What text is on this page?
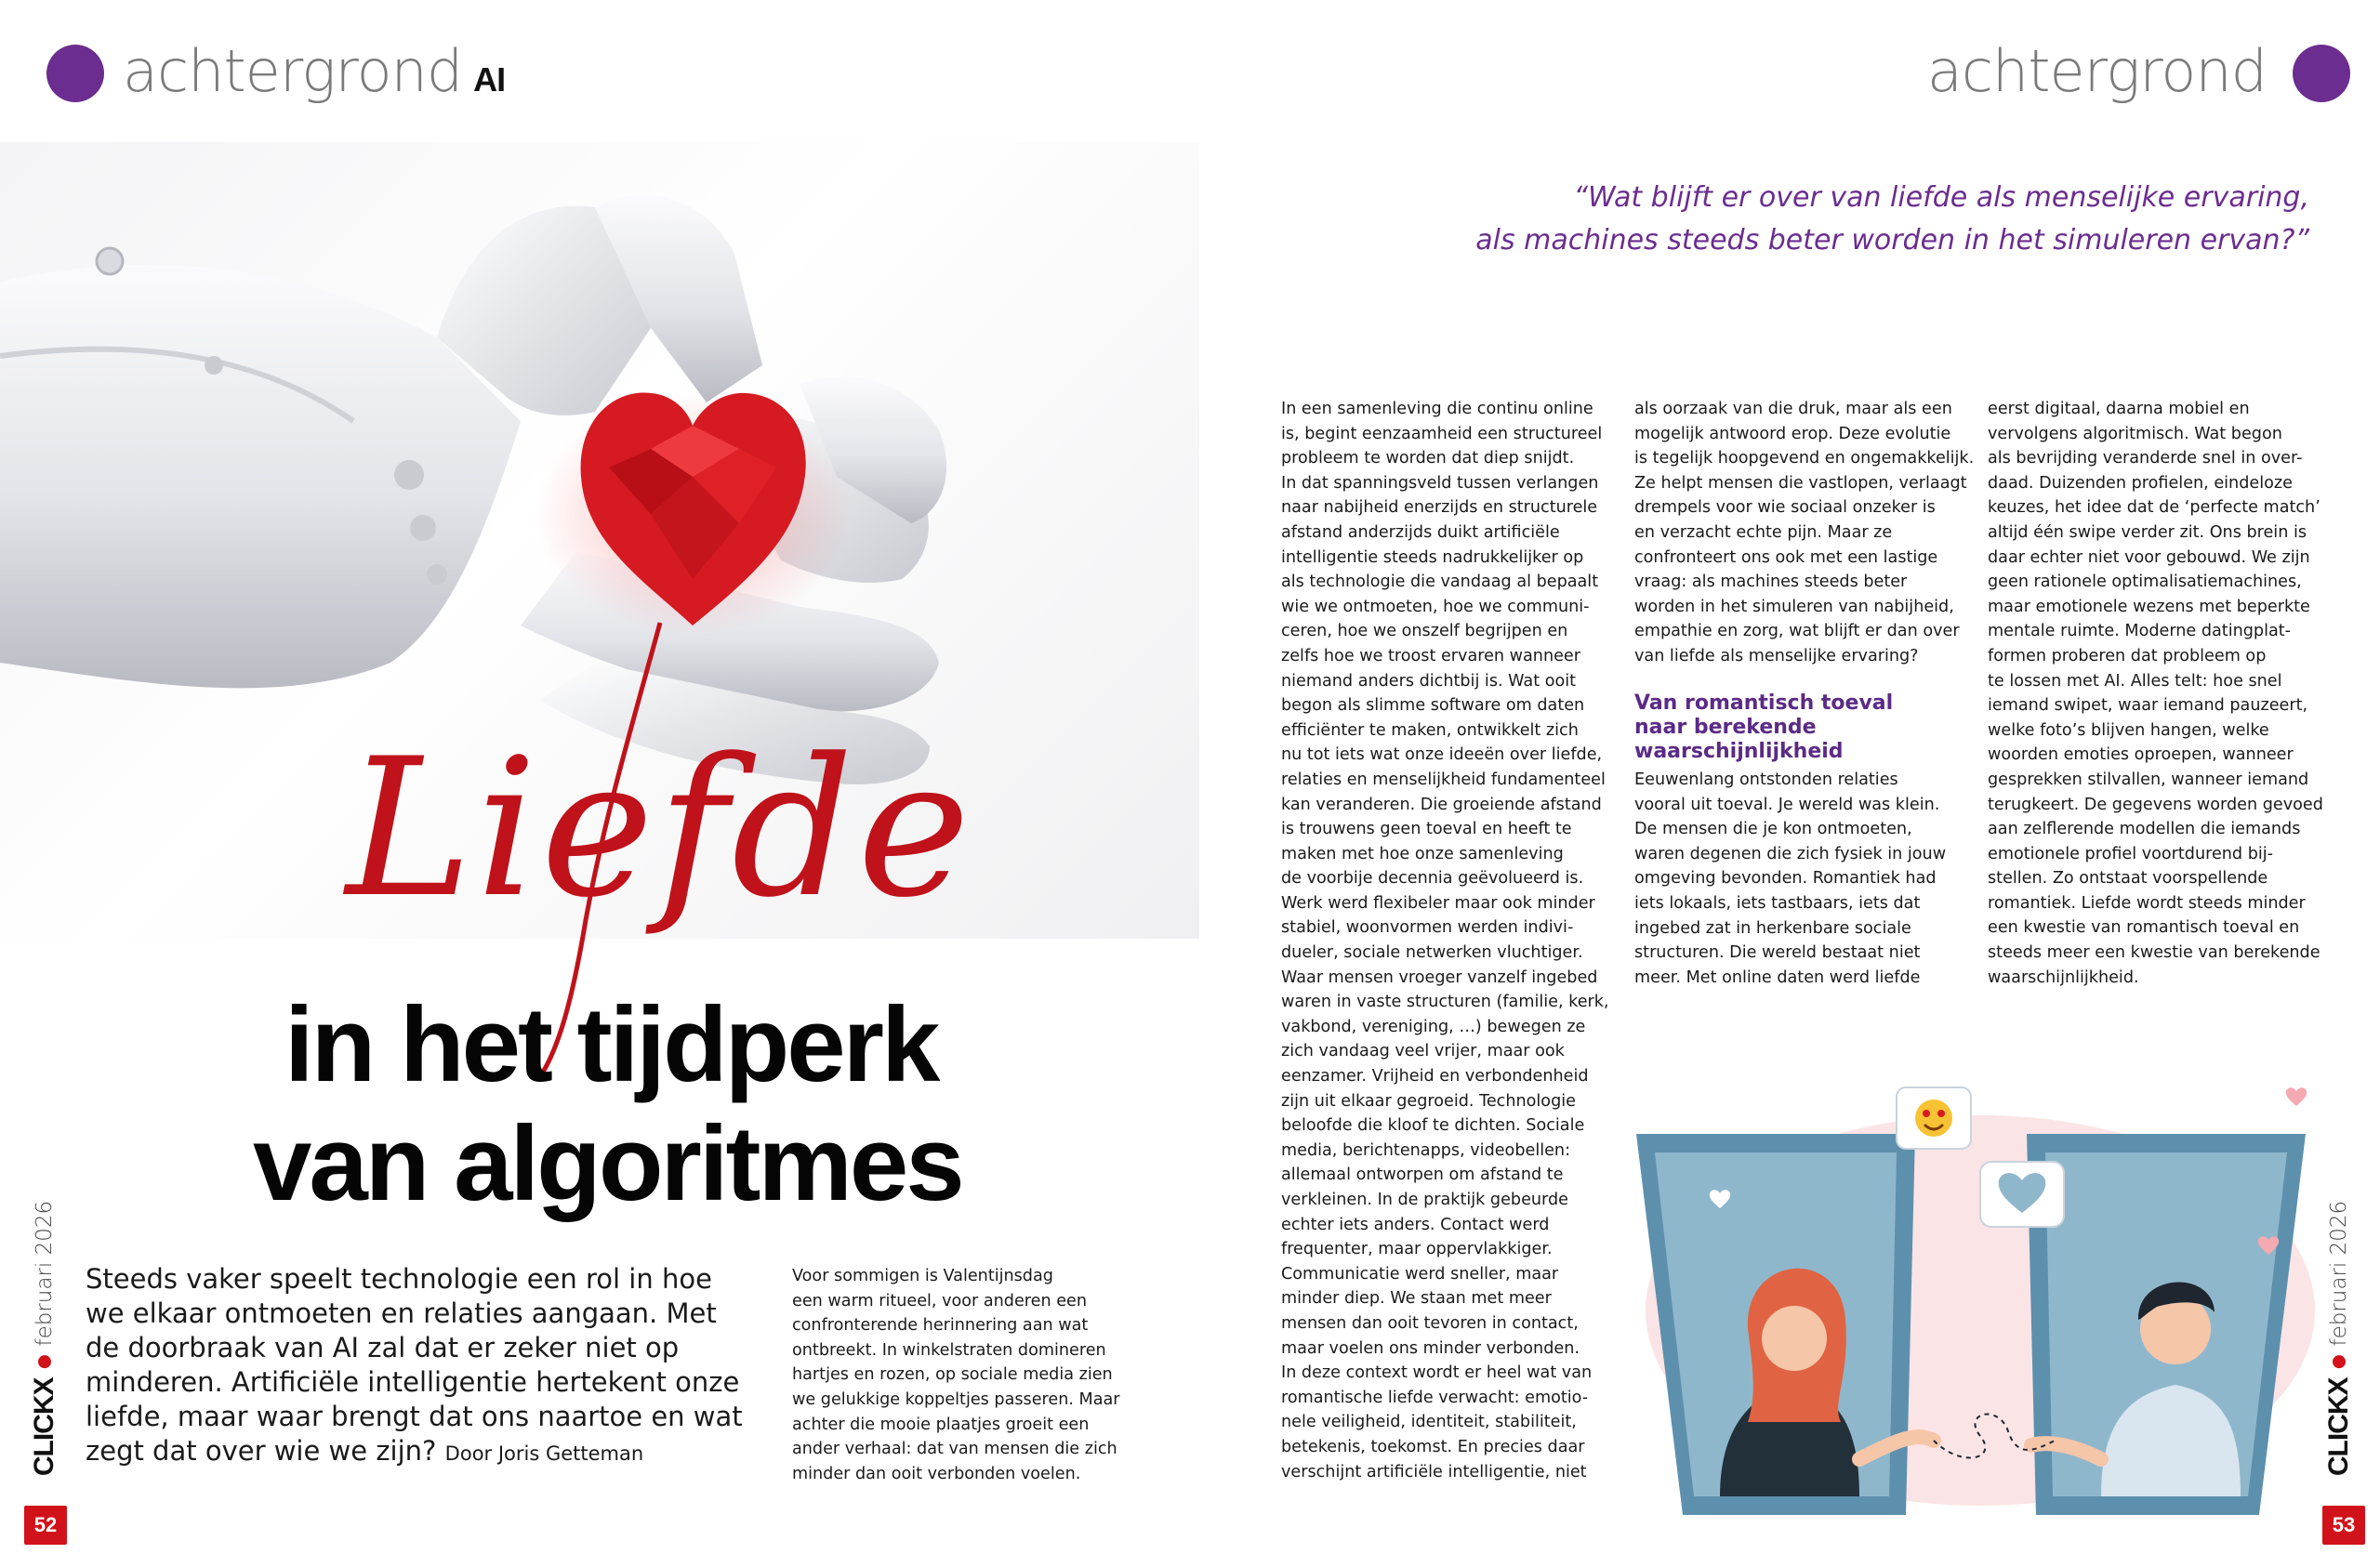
achtergrond AI
Liefde
in het tijdperk
van algoritmes
Steeds vaker speelt technologie een rol in hoe we elkaar ontmoeten en relaties aangaan. Met de doorbraak van AI zal dat er zeker niet op minderen. Artificiële intelligentie hertekent onze liefde, maar waar brengt dat ons naartoe en wat zegt dat over wie we zijn? Door Joris Getteman
Voor sommigen is Valentijnsdag
een warm ritueel, voor anderen een
confronterende herinnering aan wat
ontbreekt. In winkelstraten domineren
hartjes en rozen, op sociale media zien
we gelukkige koppeltjes passeren. Maar
achter die mooie plaatjes groeit een
ander verhaal: dat van mensen die zich
minder dan ooit verbonden voelen.
CLICKX
februari 2026
52
achtergrond
“Wat blijft er over van liefde als menselijke ervaring,
als machines steeds beter worden in het simuleren ervan?”
In een samenleving die continu online
is, begint eenzaamheid een structureel
probleem te worden dat diep snijdt.
In dat spanningsveld tussen verlangen
naar nabijheid enerzijds en structurele
afstand anderzijds duikt artificiële
intelligentie steeds nadrukkelijker op
als technologie die vandaag al bepaalt
wie we ontmoeten, hoe we communi-
ceren, hoe we onszelf begrijpen en
zelfs hoe we troost ervaren wanneer
niemand anders dichtbij is. Wat ooit
begon als slimme software om daten
efficiënter te maken, ontwikkelt zich
nu tot iets wat onze ideeën over liefde,
relaties en menselijkheid fundamenteel
kan veranderen. Die groeiende afstand
is trouwens geen toeval en heeft te
maken met hoe onze samenleving
de voorbije decennia geëvolueerd is.
Werk werd flexibeler maar ook minder
stabiel, woonvormen werden indivi-
dueler, sociale netwerken vluchtiger.
Waar mensen vroeger vanzelf ingebed
waren in vaste structuren (familie, kerk,
vakbond, vereniging, …) bewegen ze
zich vandaag veel vrijer, maar ook
eenzamer. Vrijheid en verbondenheid
zijn uit elkaar gegroeid. Technologie
beloofde die kloof te dichten. Sociale
media, berichtenapps, videobellen:
allemaal ontworpen om afstand te
verkleinen. In de praktijk gebeurde
echter iets anders. Contact werd
frequenter, maar oppervlakkiger.
Communicatie werd sneller, maar
minder diep. We staan met meer
mensen dan ooit tevoren in contact,
maar voelen ons minder verbonden.
In deze context wordt er heel wat van
romantische liefde verwacht: emotio-
nele veiligheid, identiteit, stabiliteit,
betekenis, toekomst. En precies daar
verschijnt artificiële intelligentie, niet
als oorzaak van die druk, maar als een
mogelijk antwoord erop. Deze evolutie
is tegelijk hoopgevend en ongemakkelijk.
Ze helpt mensen die vastlopen, verlaagt
drempels voor wie sociaal onzeker is
en verzacht echte pijn. Maar ze
confronteert ons ook met een lastige
vraag: als machines steeds beter
worden in het simuleren van nabijheid,
empathie en zorg, wat blijft er dan over
van liefde als menselijke ervaring?
Van romantisch toeval
naar berekende
waarschijnlijkheid
Eeuwenlang ontstonden relaties
vooral uit toeval. Je wereld was klein.
De mensen die je kon ontmoeten,
waren degenen die zich fysiek in jouw
omgeving bevonden. Romantiek had
iets lokaals, iets tastbaars, iets dat
ingebed zat in herkenbare sociale
structuren. Die wereld bestaat niet
meer. Met online daten werd liefde
eerst digitaal, daarna mobiel en
vervolgens algoritmisch. Wat begon
als bevrijding veranderde snel in over-
daad. Duizenden profielen, eindeloze
keuzes, het idee dat de ‘perfecte match’
altijd één swipe verder zit. Ons brein is
daar echter niet voor gebouwd. We zijn
geen rationele optimalisatiemachines,
maar emotionele wezens met beperkte
mentale ruimte. Moderne datingplat-
formen proberen dat probleem op
te lossen met AI. Alles telt: hoe snel
iemand swipet, waar iemand pauzeert,
welke foto’s blijven hangen, welke
woorden emoties oproepen, wanneer
gesprekken stilvallen, wanneer iemand
terugkeert. De gegevens worden gevoed
aan zelflerende modellen die iemands
emotionele profiel voortdurend bij-
stellen. Zo ontstaat voorspellende
romantiek. Liefde wordt steeds minder
een kwestie van romantisch toeval en
steeds meer een kwestie van berekende
waarschijnlijkheid.
CLICKX
februari 2026
53
